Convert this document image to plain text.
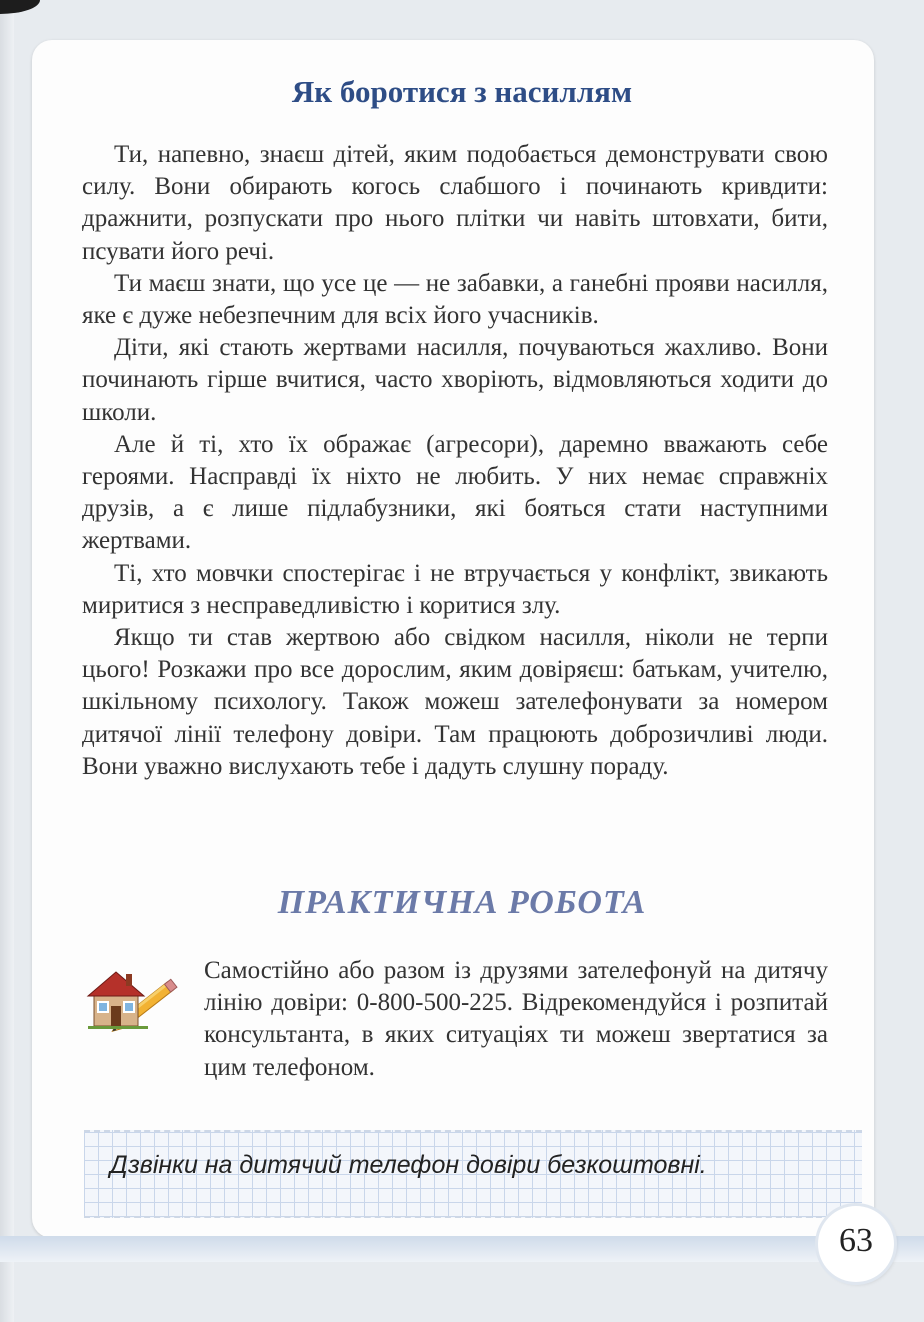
Як боротися з насиллям

Ти, напевно, знаєш дітей, яким подобається демонструвати свою силу. Вони обирають когось слабшого і починають кривдити: дражнити, розпускати про нього плітки чи навіть штовхати, бити, псувати його речі.

Ти маєш знати, що усе це — не забавки, а ганебні прояви насилля, яке є дуже небезпечним для всіх його учасників.

Діти, які стають жертвами насилля, почуваються жахливо. Вони починають гірше вчитися, часто хворіють, відмовляються ходити до школи.

Але й ті, хто їх ображає (агресори), даремно вважають себе героями. Насправді їх ніхто не любить. У них немає справжніх друзів, а є лише підлабузники, які бояться стати наступними жертвами.

Ті, хто мовчки спостерігає і не втручається у конфлікт, звикають миритися з несправедливістю і коритися злу.

Якщо ти став жертвою або свідком насилля, ніколи не терпи цього! Розкажи про все дорослим, яким довіряєш: батькам, учителю, шкільному психологу. Також можеш зателефонувати за номером дитячої лінії телефону довіри. Там працюють доброзичливі люди. Вони уважно вислухають тебе і дадуть слушну пораду.

ПРАКТИЧНА РОБОТА

Самостійно або разом із друзями зателефонуй на дитячу лінію довіри: 0-800-500-225. Відрекомендуйся і розпитай консультанта, в яких ситуаціях ти можеш звертатися за цим телефоном.

Дзвінки на дитячий телефон довіри безкоштовні.

63
